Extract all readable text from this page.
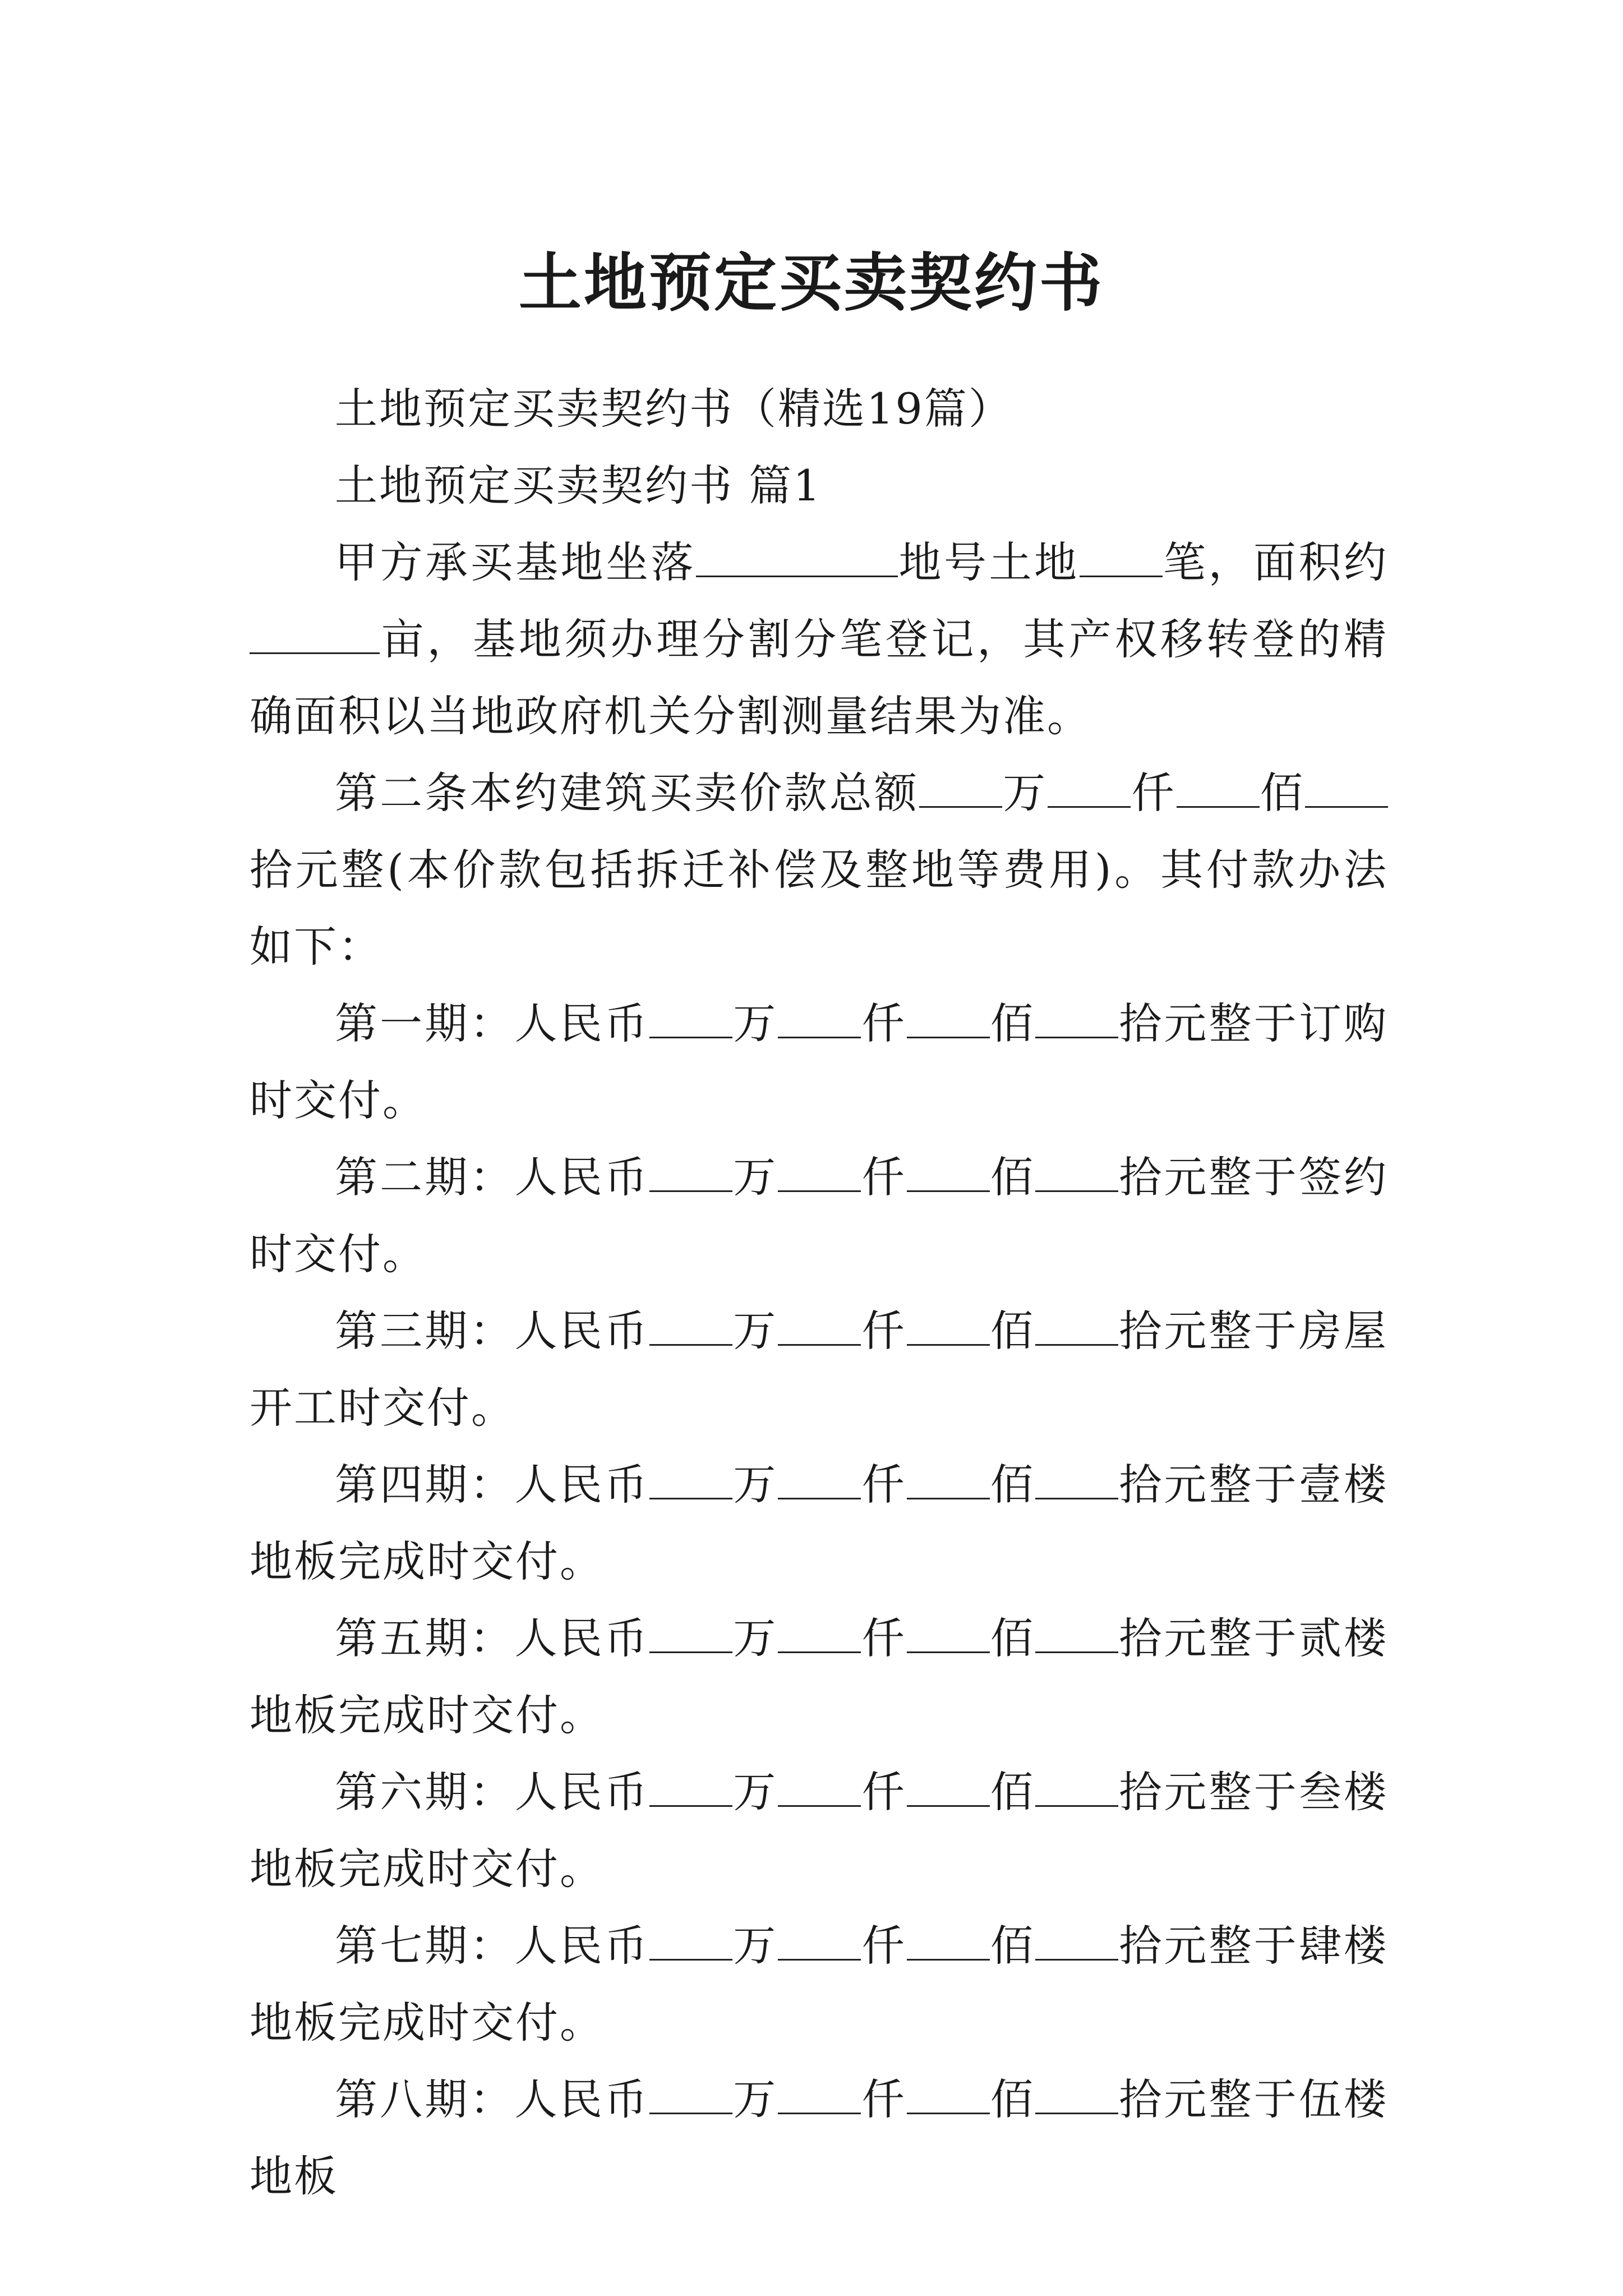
土地预定买卖契约书

土地预定买卖契约书（精选19篇）

土地预定买卖契约书 篇1

甲方承买基地坐落	地号土地 笔，面积约亩，基地须办理分割分笔登记，其产权移转登的精确面积以当地政府机关分割测量结果为准。

第二条本约建筑买卖价款总额 万 仟 佰拾元整(本价款包括拆迁补偿及整地等费用)。其付款办法如下：

第一期：人民币 万 仟 佰 拾元整于订购时交付。

第二期：人民币 万 仟 佰 拾元整于签约时交付。

第三期：人民币 万 仟 佰 拾元整于房屋开工时交付。

第四期：人民币 万 仟 佰 拾元整于壹楼地板完成时交付。

第五期：人民币 万 仟 佰 拾元整于贰楼地板完成时交付。

第六期：人民币 万 仟 佰 拾元整于叁楼地板完成时交付。

第七期：人民币 万 仟 佰 拾元整于肆楼地板完成时交付。

第八期：人民币 万 仟 佰 拾元整于伍楼地板
